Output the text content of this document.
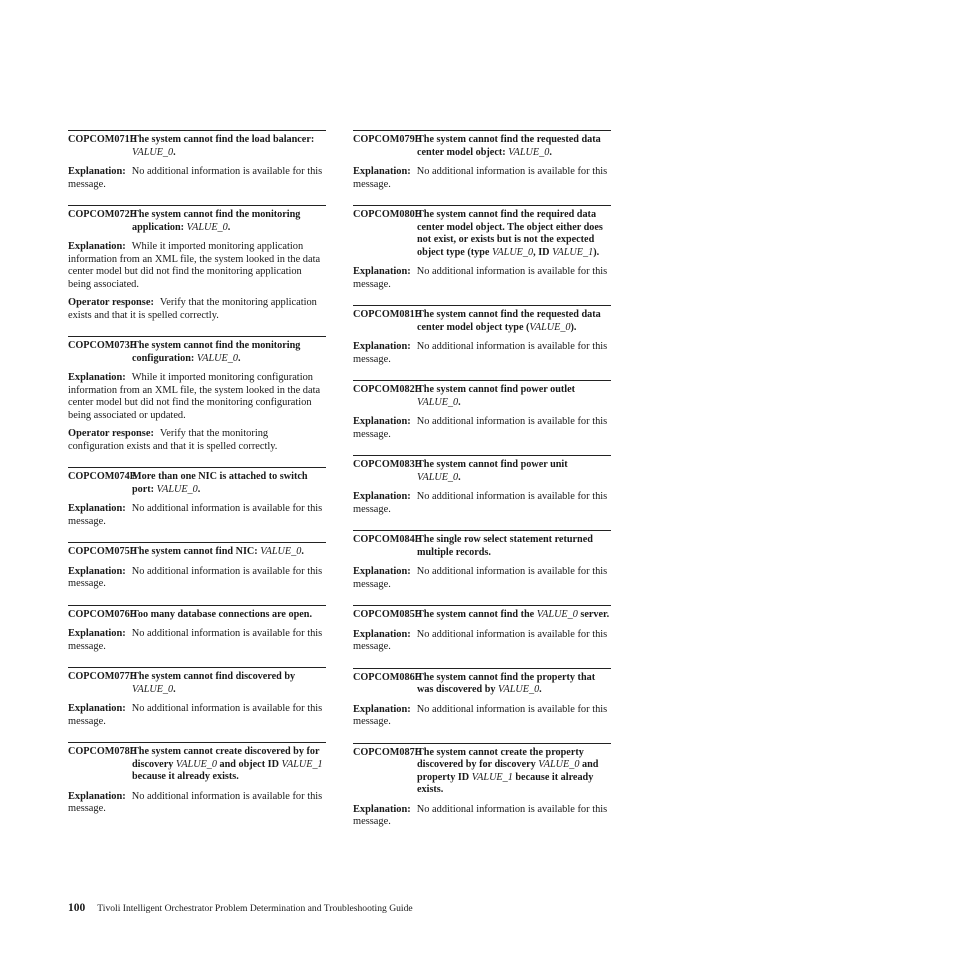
COPCOM071E
The system cannot find the load balancer: VALUE_0.

Explanation: No additional information is available for this message.

COPCOM072E
The system cannot find the monitoring application: VALUE_0.

Explanation: While it imported monitoring application information from an XML file, the system looked in the data center model but did not find the monitoring application being associated.

Operator response: Verify that the monitoring application exists and that it is spelled correctly.

COPCOM073E
The system cannot find the monitoring configuration: VALUE_0.

Explanation: While it imported monitoring configuration information from an XML file, the system looked in the data center model but did not find the monitoring configuration being associated or updated.

Operator response: Verify that the monitoring configuration exists and that it is spelled correctly.

COPCOM074E
More than one NIC is attached to switch port: VALUE_0.

Explanation: No additional information is available for this message.

COPCOM075E
The system cannot find NIC: VALUE_0.

Explanation: No additional information is available for this message.

COPCOM076E
Too many database connections are open.

Explanation: No additional information is available for this message.

COPCOM077E
The system cannot find discovered by VALUE_0.

Explanation: No additional information is available for this message.

COPCOM078E
The system cannot create discovered by for discovery VALUE_0 and object ID VALUE_1 because it already exists.

Explanation: No additional information is available for this message.

COPCOM079E
The system cannot find the requested data center model object: VALUE_0.

Explanation: No additional information is available for this message.

COPCOM080E
The system cannot find the required data center model object. The object either does not exist, or exists but is not the expected object type (type VALUE_0, ID VALUE_1).

Explanation: No additional information is available for this message.

COPCOM081E
The system cannot find the requested data center model object type (VALUE_0).

Explanation: No additional information is available for this message.

COPCOM082E
The system cannot find power outlet VALUE_0.

Explanation: No additional information is available for this message.

COPCOM083E
The system cannot find power unit VALUE_0.

Explanation: No additional information is available for this message.

COPCOM084E
The single row select statement returned multiple records.

Explanation: No additional information is available for this message.

COPCOM085E
The system cannot find the VALUE_0 server.

Explanation: No additional information is available for this message.

COPCOM086E
The system cannot find the property that was discovered by VALUE_0.

Explanation: No additional information is available for this message.

COPCOM087E
The system cannot create the property discovered by for discovery VALUE_0 and property ID VALUE_1 because it already exists.

Explanation: No additional information is available for this message.

100 Tivoli Intelligent Orchestrator Problem Determination and Troubleshooting Guide
